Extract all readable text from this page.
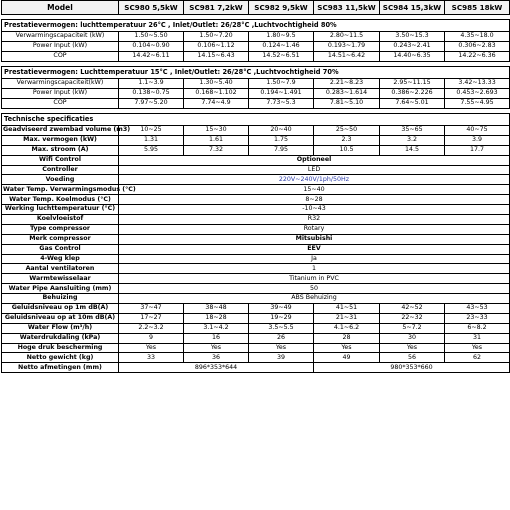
Model	SC980 5,5kW	SC981 7,2kW	SC982 9,5kW	SC983 11,5kW	SC984 15,3kW	SC985 18kW
Prestatievermogen: luchttemperatuur 26°C , Inlet/Outlet: 26/28°C ,Luchtvochtigheid 80%						
Verwarmingscapaciteit (kW)	1.50~5.50	1.50~7.20	1.80~9.5	2.80~11.5	3.50~15.3	4.35~18.0
Power Input (kW)	0.104~0.90	0.106~1.12	0.124~1.46	0.193~1.79	0.243~2.41	0.306~2.83
COP	14.42~6.11	14.15~6.43	14.52~6.51	14.51~6.42	14.40~6.35	14.22~6.36
Prestatievermogen: Luchttemperatuur 15°C , Inlet/Outlet: 26/28°C ,Luchtvochtigheid 70%						
Verwarmingscapaciteit(kW)	1.1~3.9	1.30~5.40	1.50~7.9	2.21~8.23	2.95~11.15	3.42~13.33
Power Input (kW)	0.138~0.75	0.168~1.102	0.194~1.491	0.283~1.614	0.386~2.226	0.453~2.693
COP	7.97~5.20	7.74~4.9	7.73~5.3	7.81~5.10	7.64~5.01	7.55~4.95
Technische specificaties						
Geadviseerd zwembad volume (m3)	10~25	15~30	20~40	25~50	35~65	40~75
Max. vermogen (kW)	1.31	1.61	1.75	2.3	3.2	3.9
Max. stroom (A)	5.95	7.32	7.95	10.5	14.5	17.7
Wifi Control	Optioneel					
Controller	LED					
Voeding	220V~240V/1ph/50Hz					
Water Temp. Verwarmingsmodus (°C)	15~40					
Water Temp. Koelmodus (°C)	8~28					
Werking luchttemperatuur (°C)	-10~43					
Koelvloeistof	R32					
Type compressor	Rotary					
Merk compressor	Mitsubishi					
Gas Control	EEV					
4-Weg klep	Ja					
Aantal ventilatoren	1					
Warmtewisselaar	Titanium in PVC					
Water Pipe Aansluiting (mm)	50					
Behuizing	ABS Behuizing					
Geluidsniveau op 1m dB(A)	37~47	38~48	39~49	41~51	42~52	43~53
Geluidsniveau op at 10m dB(A)	17~27	18~28	19~29	21~31	22~32	23~33
Water Flow (m³/h)	2.2~3.2	3.1~4.2	3.5~5.5	4.1~6.2	5~7.2	6~8.2
Waterdrukdaling (kPa)	9	16	26	28	30	31
Hoge druk bescherming	Yes	Yes	Yes	Yes	Yes	Yes
Netto gewicht (kg)	33	36	39	49	56	62
Netto afmetingen (mm)	896*353*644			980*353*660		
